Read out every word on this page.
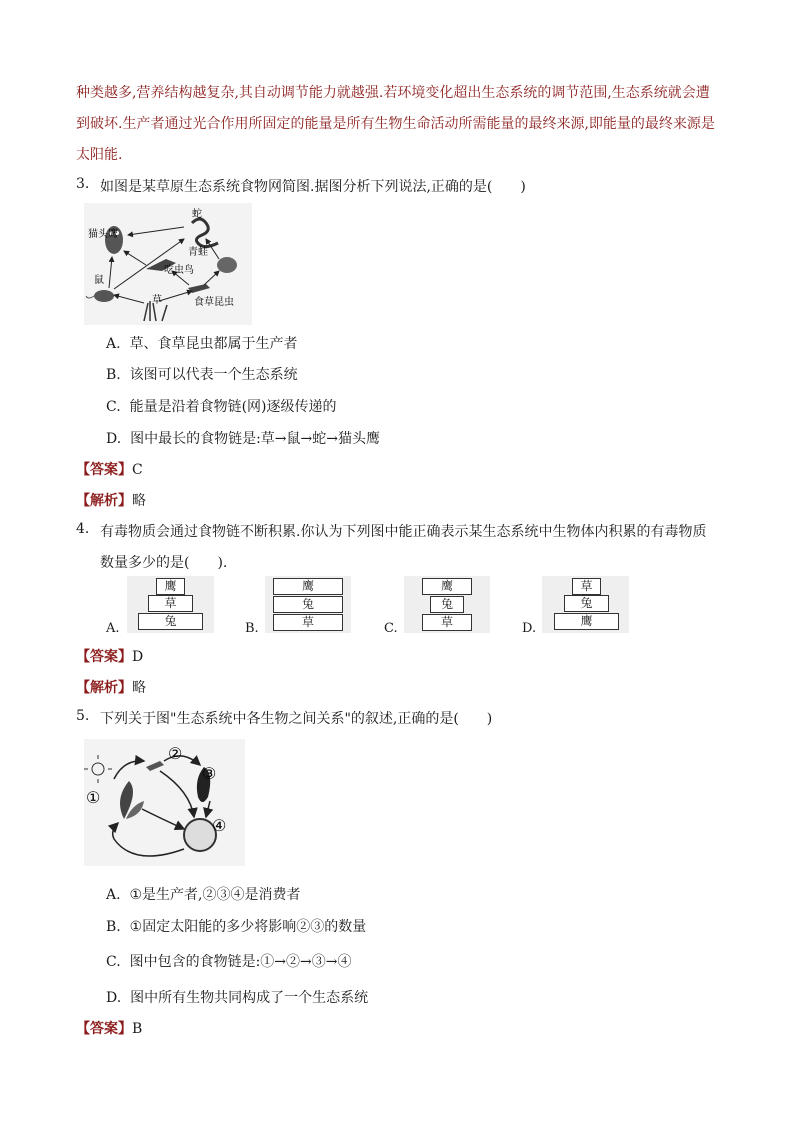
种类越多,营养结构越复杂,其自动调节能力就越强.若环境变化超出生态系统的调节范围,生态系统就会遭
到破坏.生产者通过光合作用所固定的能量是所有生物生命活动所需能量的最终来源,即能量的最终来源是
太阳能.
3. 如图是某草原生态系统食物网简图.据图分析下列说法,正确的是(　　)
猫头鹰
蛇
青蛙
吃虫鸟
鼠
草	食草昆虫
A. 草、食草昆虫都属于生产者
B. 该图可以代表一个生态系统
C. 能量是沿着食物链(网)逐级传递的
D. 图中最长的食物链是:草→鼠→蛇→猫头鹰
【答案】C
【解析】略
4. 有毒物质会通过食物链不断积累.你认为下列图中能正确表示某生态系统中生物体内积累的有毒物质
数量多少的是(　　).
A.
鹰
草
兔	B.
鹰
兔
草	C.
鹰
兔
草	D.
草
兔
鹰
【答案】D
【解析】略
5. 下列关于图"生态系统中各生物之间关系"的叙述,正确的是(　　)
①
②
③
④
A. ①是生产者,②③④是消费者
B. ①固定太阳能的多少将影响②③的数量
C. 图中包含的食物链是:①→②→③→④
D. 图中所有生物共同构成了一个生态系统
【答案】B
